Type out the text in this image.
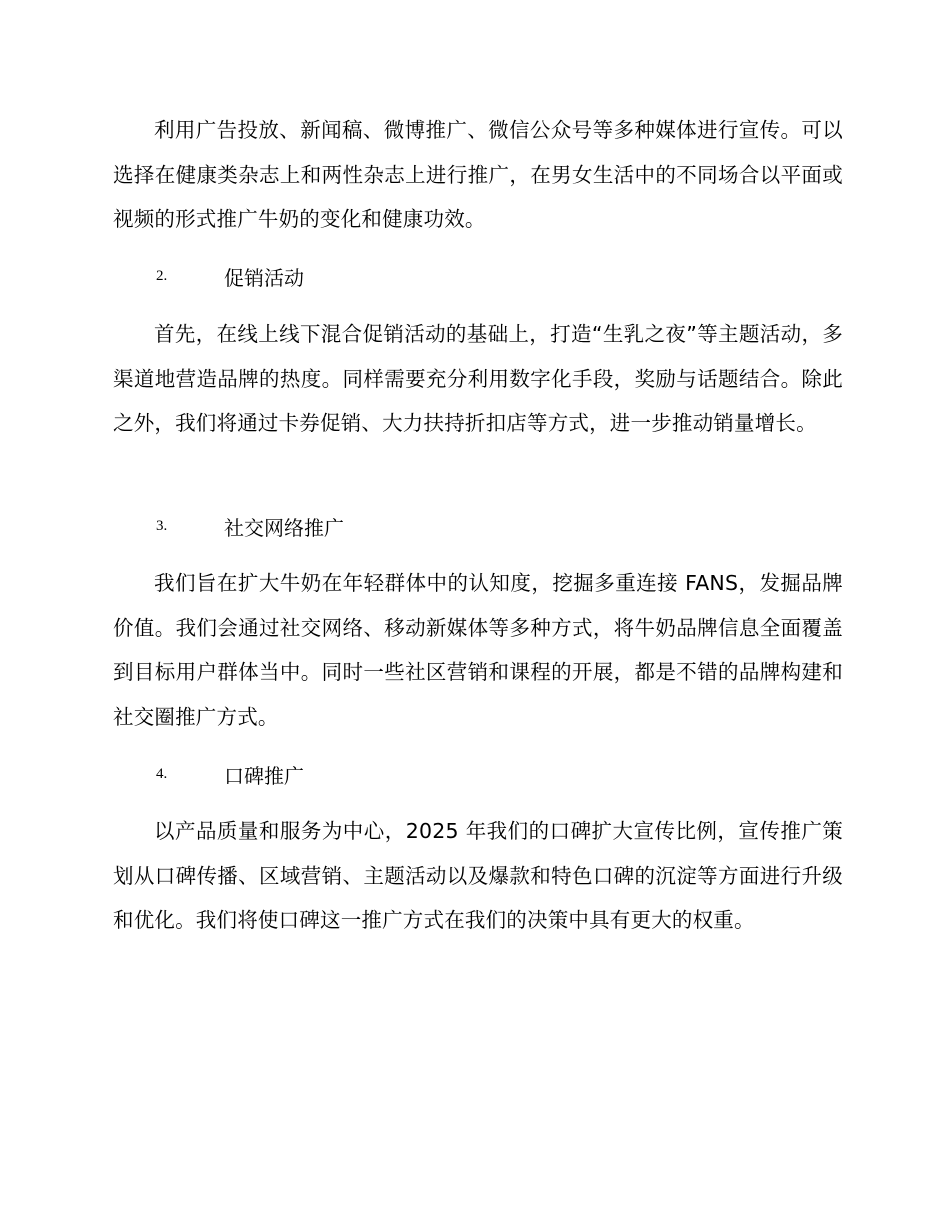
利用广告投放、新闻稿、微博推广、微信公众号等多种媒体进行宣传。可以选择在健康类杂志上和两性杂志上进行推广，在男女生活中的不同场合以平面或视频的形式推广牛奶的变化和健康功效。

2.	促销活动

首先，在线上线下混合促销活动的基础上，打造“生乳之夜”等主题活动，多渠道地营造品牌的热度。同样需要充分利用数字化手段，奖励与话题结合。除此之外，我们将通过卡券促销、大力扶持折扣店等方式，进一步推动销量增长。

3.	社交网络推广

我们旨在扩大牛奶在年轻群体中的认知度，挖掘多重连接 FANS，发掘品牌价值。我们会通过社交网络、移动新媒体等多种方式，将牛奶品牌信息全面覆盖到目标用户群体当中。同时一些社区营销和课程的开展，都是不错的品牌构建和社交圈推广方式。

4.	口碑推广

以产品质量和服务为中心，2025 年我们的口碑扩大宣传比例，宣传推广策划从口碑传播、区域营销、主题活动以及爆款和特色口碑的沉淀等方面进行升级和优化。我们将使口碑这一推广方式在我们的决策中具有更大的权重。
